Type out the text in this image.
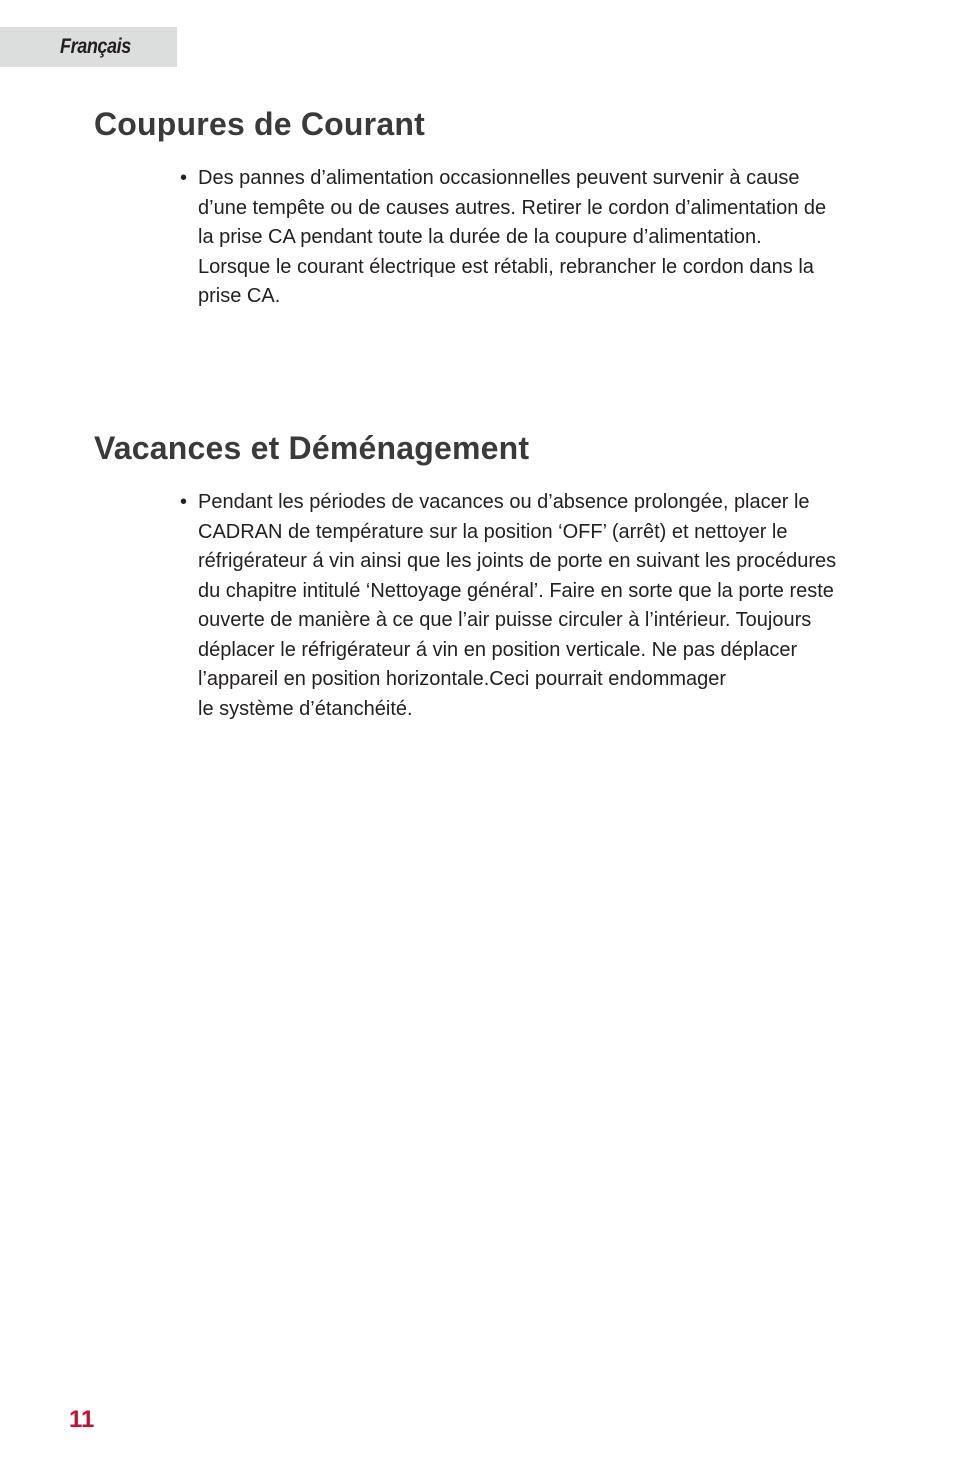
Français
Coupures de Courant
• Des pannes d’alimentation occasionnelles peuvent survenir à cause
d’une tempête ou de causes autres. Retirer le cordon d’alimentation de
la prise CA pendant toute la durée de la coupure d’alimentation.
Lorsque le courant électrique est rétabli, rebrancher le cordon dans la
prise CA.
Vacances et Déménagement
• Pendant les périodes de vacances ou d’absence prolongée, placer le
CADRAN de température sur la position ‘OFF’ (arrêt) et nettoyer le
réfrigérateur á vin ainsi que les joints de porte en suivant les procédures
du chapitre intitulé ‘Nettoyage général’. Faire en sorte que la porte reste
ouverte de manière à ce que l’air puisse circuler à l’intérieur. Toujours
déplacer le réfrigérateur á vin en position verticale. Ne pas déplacer
l’appareil en position horizontale.Ceci pourrait endommager
le système d’étanchéité.
11
